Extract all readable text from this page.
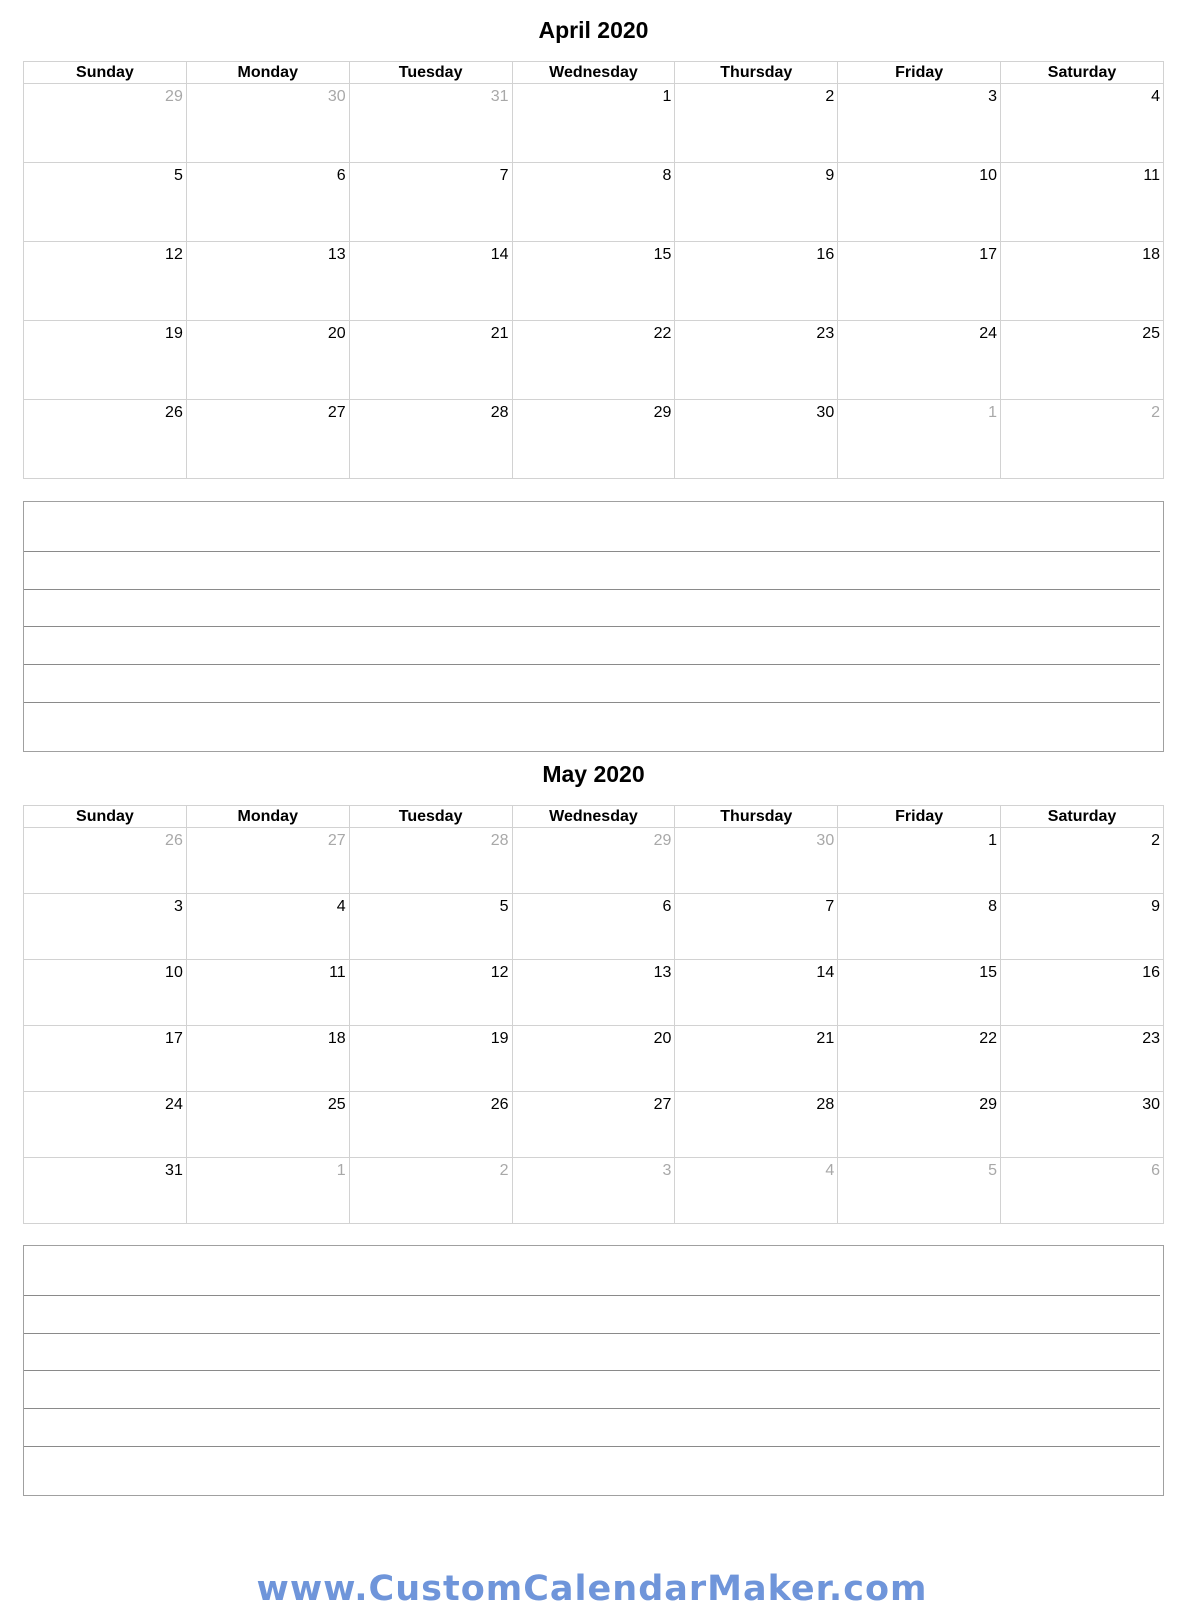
April 2020
Sunday	Monday	Tuesday	Wednesday	Thursday	Friday	Saturday
29	30	31	1	2	3	4
5	6	7	8	9	10	11
12	13	14	15	16	17	18
19	20	21	22	23	24	25
26	27	28	29	30	1	2
May 2020
Sunday	Monday	Tuesday	Wednesday	Thursday	Friday	Saturday
26	27	28	29	30	1	2
3	4	5	6	7	8	9
10	11	12	13	14	15	16
17	18	19	20	21	22	23
24	25	26	27	28	29	30
31	1	2	3	4	5	6
www.CustomCalendarMaker.com
